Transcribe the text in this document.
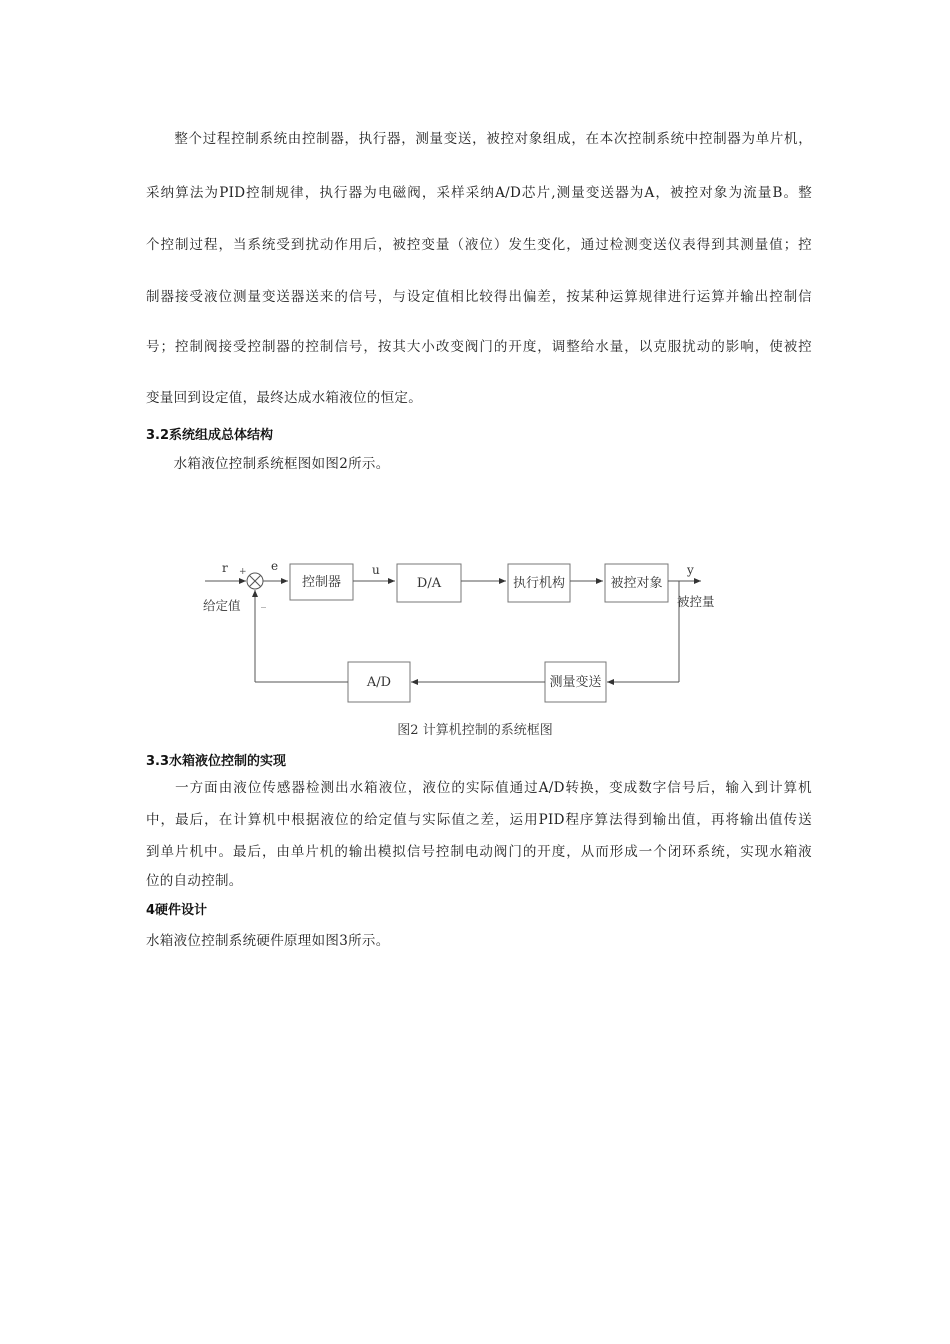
　　整个过程控制系统由控制器，执行器，测量变送，被控对象组成，在本次控制系统中控制器为单片机，
采纳算法为PID控制规律，执行器为电磁阀，采样采纳A/D芯片,测量变送器为A，被控对象为流量B。整
个控制过程，当系统受到扰动作用后，被控变量（液位）发生变化，通过检测变送仪表得到其测量值；控
制器接受液位测量变送器送来的信号，与设定值相比较得出偏差，按某种运算规律进行运算并输出控制信
号；控制阀接受控制器的控制信号，按其大小改变阀门的开度，调整给水量，以克服扰动的影响，使被控
变量回到设定值，最终达成水箱液位的恒定。
3.2系统组成总体结构
　　水箱液位控制系统框图如图2所示。
r +
给定值 _
e
控制器
u
D/A	执行机构	被控对象
y
被控量
测量变送
A/D
图2 计算机控制的系统框图
3.3水箱液位控制的实现
　　一方面由液位传感器检测出水箱液位，液位的实际值通过A/D转换，变成数字信号后，输入到计算机
中，最后，在计算机中根据液位的给定值与实际值之差，运用PID程序算法得到输出值，再将输出值传送
到单片机中。最后，由单片机的输出模拟信号控制电动阀门的开度，从而形成一个闭环系统，实现水箱液
位的自动控制。
4硬件设计
水箱液位控制系统硬件原理如图3所示。
